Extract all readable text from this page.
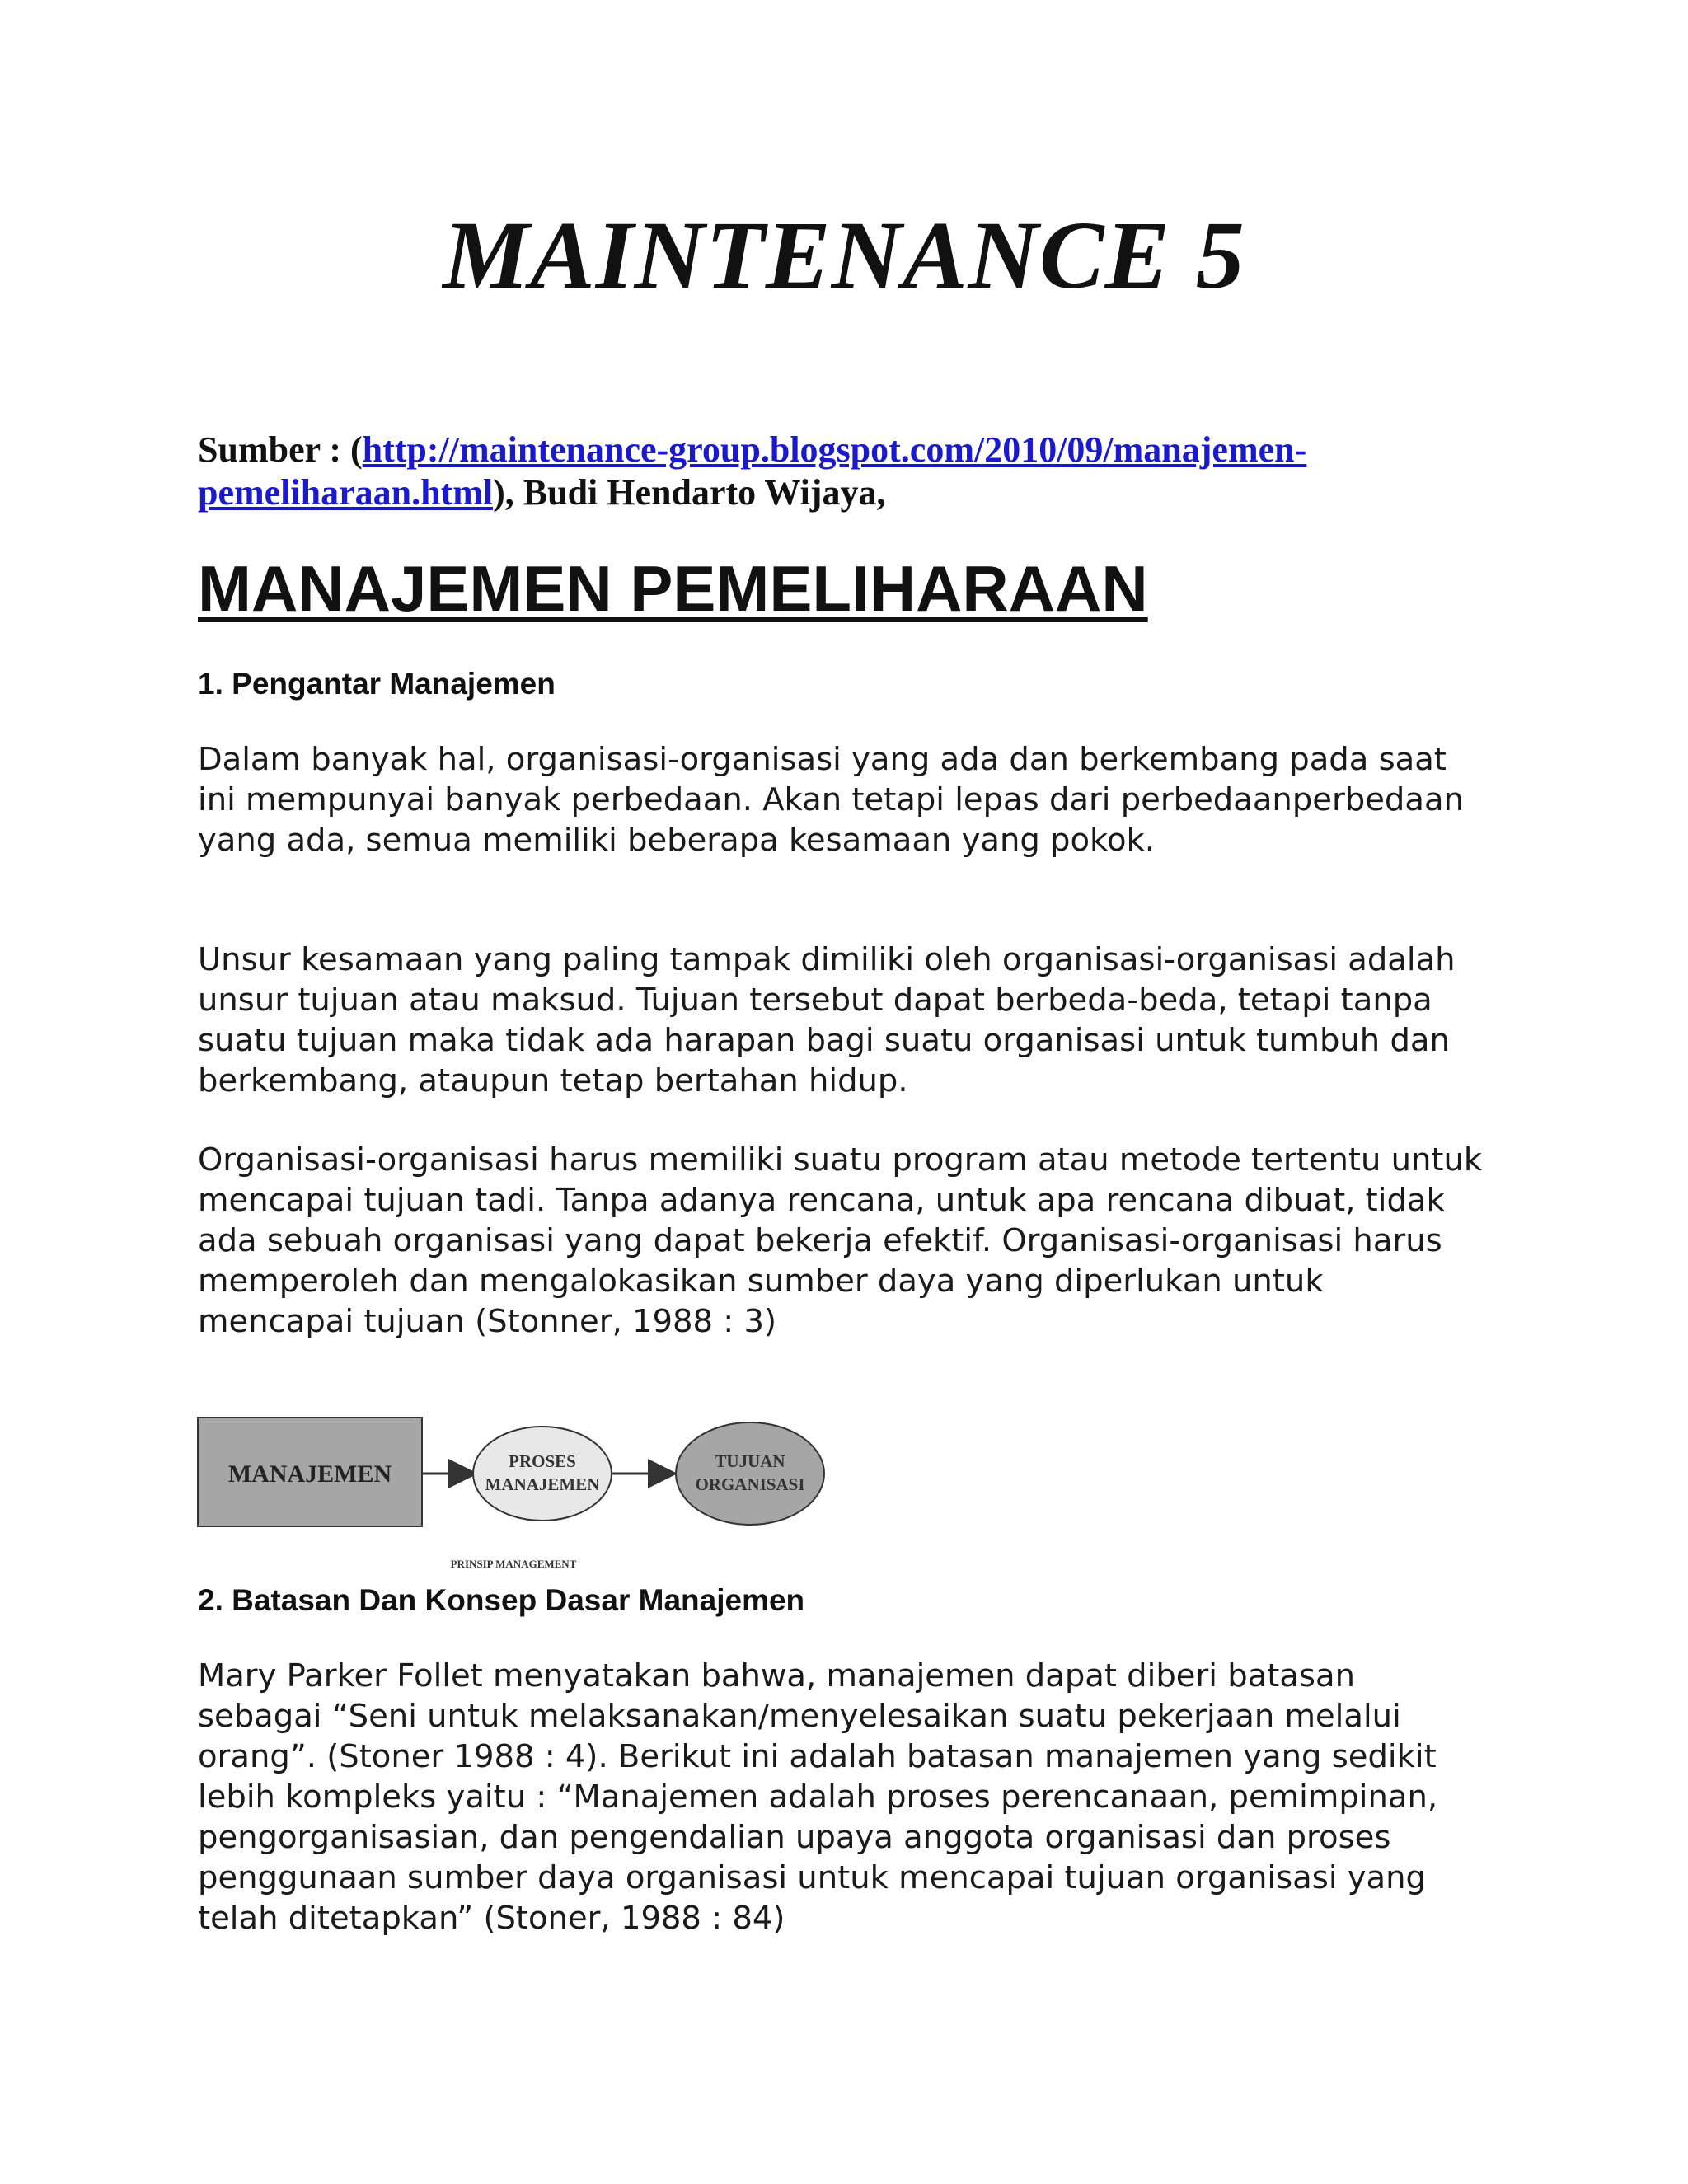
MAINTENANCE 5

Sumber : (http://maintenance-group.blogspot.com/2010/09/manajemen-
pemeliharaan.html), Budi Hendarto Wijaya,

MANAJEMEN PEMELIHARAAN
1. Pengantar Manajemen

Dalam banyak hal, organisasi-organisasi yang ada dan berkembang pada saat ini mempunyai banyak perbedaan. Akan tetapi lepas dari perbedaanperbedaan yang ada, semua memiliki beberapa kesamaan yang pokok.

Unsur kesamaan yang paling tampak dimiliki oleh organisasi-organisasi adalah unsur tujuan atau maksud. Tujuan tersebut dapat berbeda-beda, tetapi tanpa suatu tujuan maka tidak ada harapan bagi suatu organisasi untuk tumbuh dan berkembang, ataupun tetap bertahan hidup.

Organisasi-organisasi harus memiliki suatu program atau metode tertentu untuk mencapai tujuan tadi. Tanpa adanya rencana, untuk apa rencana dibuat, tidak ada sebuah organisasi yang dapat bekerja efektif. Organisasi-organisasi harus memperoleh dan mengalokasikan sumber daya yang diperlukan untuk mencapai tujuan (Stonner, 1988 : 3)

MANAJEMEN	PROSES
MANAJEMEN
TUJUAN
ORGANISASI
PRINSIP MANAGEMENT
2. Batasan Dan Konsep Dasar Manajemen

Mary Parker Follet menyatakan bahwa, manajemen dapat diberi batasan sebagai “Seni untuk melaksanakan/menyelesaikan suatu pekerjaan melalui orang”. (Stoner 1988 : 4). Berikut ini adalah batasan manajemen yang sedikit lebih kompleks yaitu : “Manajemen adalah proses perencanaan, pemimpinan, pengorganisasian, dan pengendalian upaya anggota organisasi dan proses penggunaan sumber daya organisasi untuk mencapai tujuan organisasi yang telah ditetapkan” (Stoner, 1988 : 84)
